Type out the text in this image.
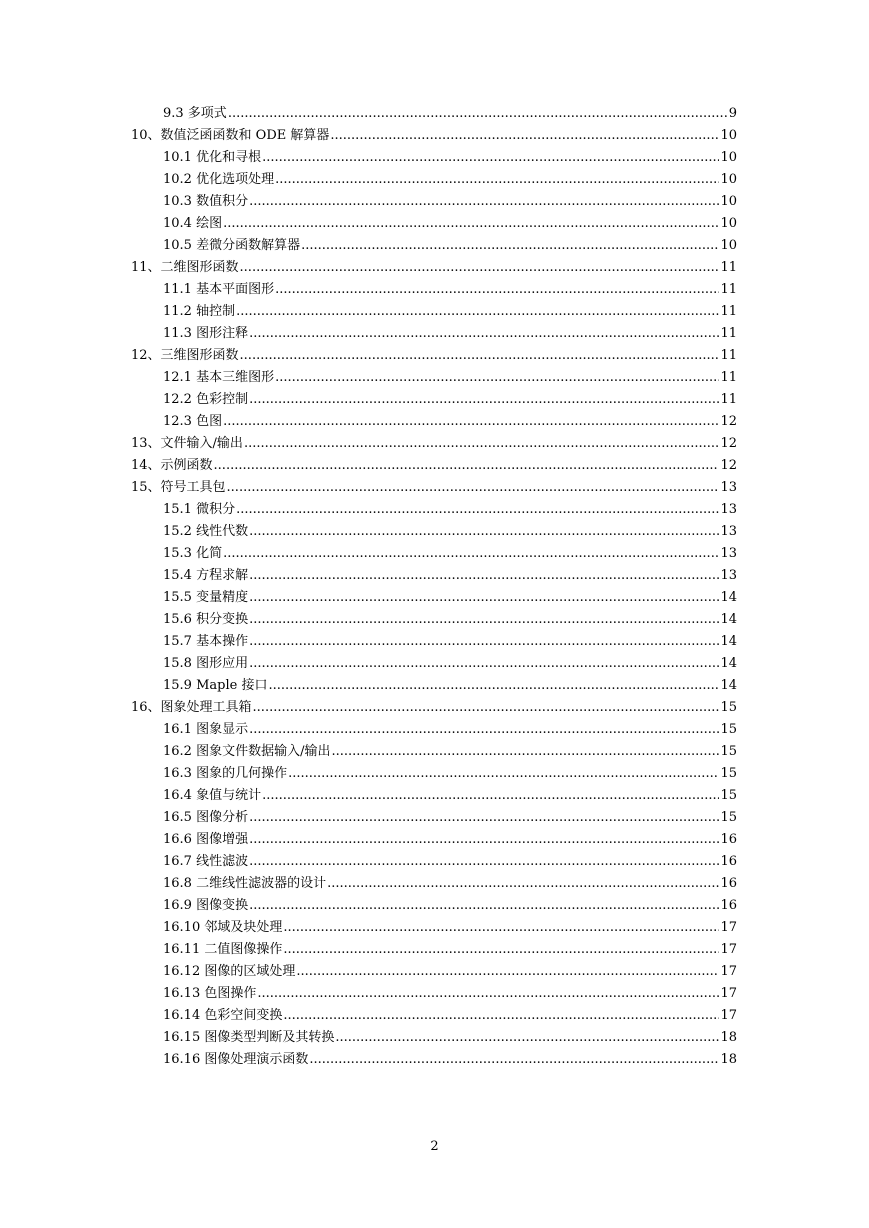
9.3 多项式 .....	9
10、数值泛函函数和 ODE 解算器 .....	10
10.1 优化和寻根 .....	10
10.2 优化选项处理 .....	10
10.3 数值积分 .....	10
10.4 绘图 .....	10
10.5 差微分函数解算器 .....	10
11、二维图形函数 .....	11
11.1 基本平面图形 .....	11
11.2 轴控制 .....	11
11.3 图形注释 .....	11
12、三维图形函数 .....	11
12.1 基本三维图形 .....	11
12.2 色彩控制 .....	11
12.3 色图 .....	12
13、文件输入/输出 .....	12
14、示例函数 .....	12
15、符号工具包 .....	13
15.1 微积分 .....	13
15.2 线性代数 .....	13
15.3 化简 .....	13
15.4 方程求解 .....	13
15.5 变量精度 .....	14
15.6 积分变换 .....	14
15.7 基本操作 .....	14
15.8 图形应用 .....	14
15.9 Maple 接口 .....	14
16、图象处理工具箱 .....	15
16.1 图象显示 .....	15
16.2 图象文件数据输入/输出 .....	15
16.3 图象的几何操作 .....	15
16.4 象值与统计 .....	15
16.5 图像分析 .....	15
16.6 图像增强 .....	16
16.7 线性滤波 .....	16
16.8 二维线性滤波器的设计 .....	16
16.9 图像变换 .....	16
16.10 邻域及块处理 .....	17
16.11 二值图像操作 .....	17
16.12 图像的区域处理 .....	17
16.13 色图操作 .....	17
16.14 色彩空间变换 .....	17
16.15 图像类型判断及其转换 .....	18
16.16 图像处理演示函数 .....	18
2
